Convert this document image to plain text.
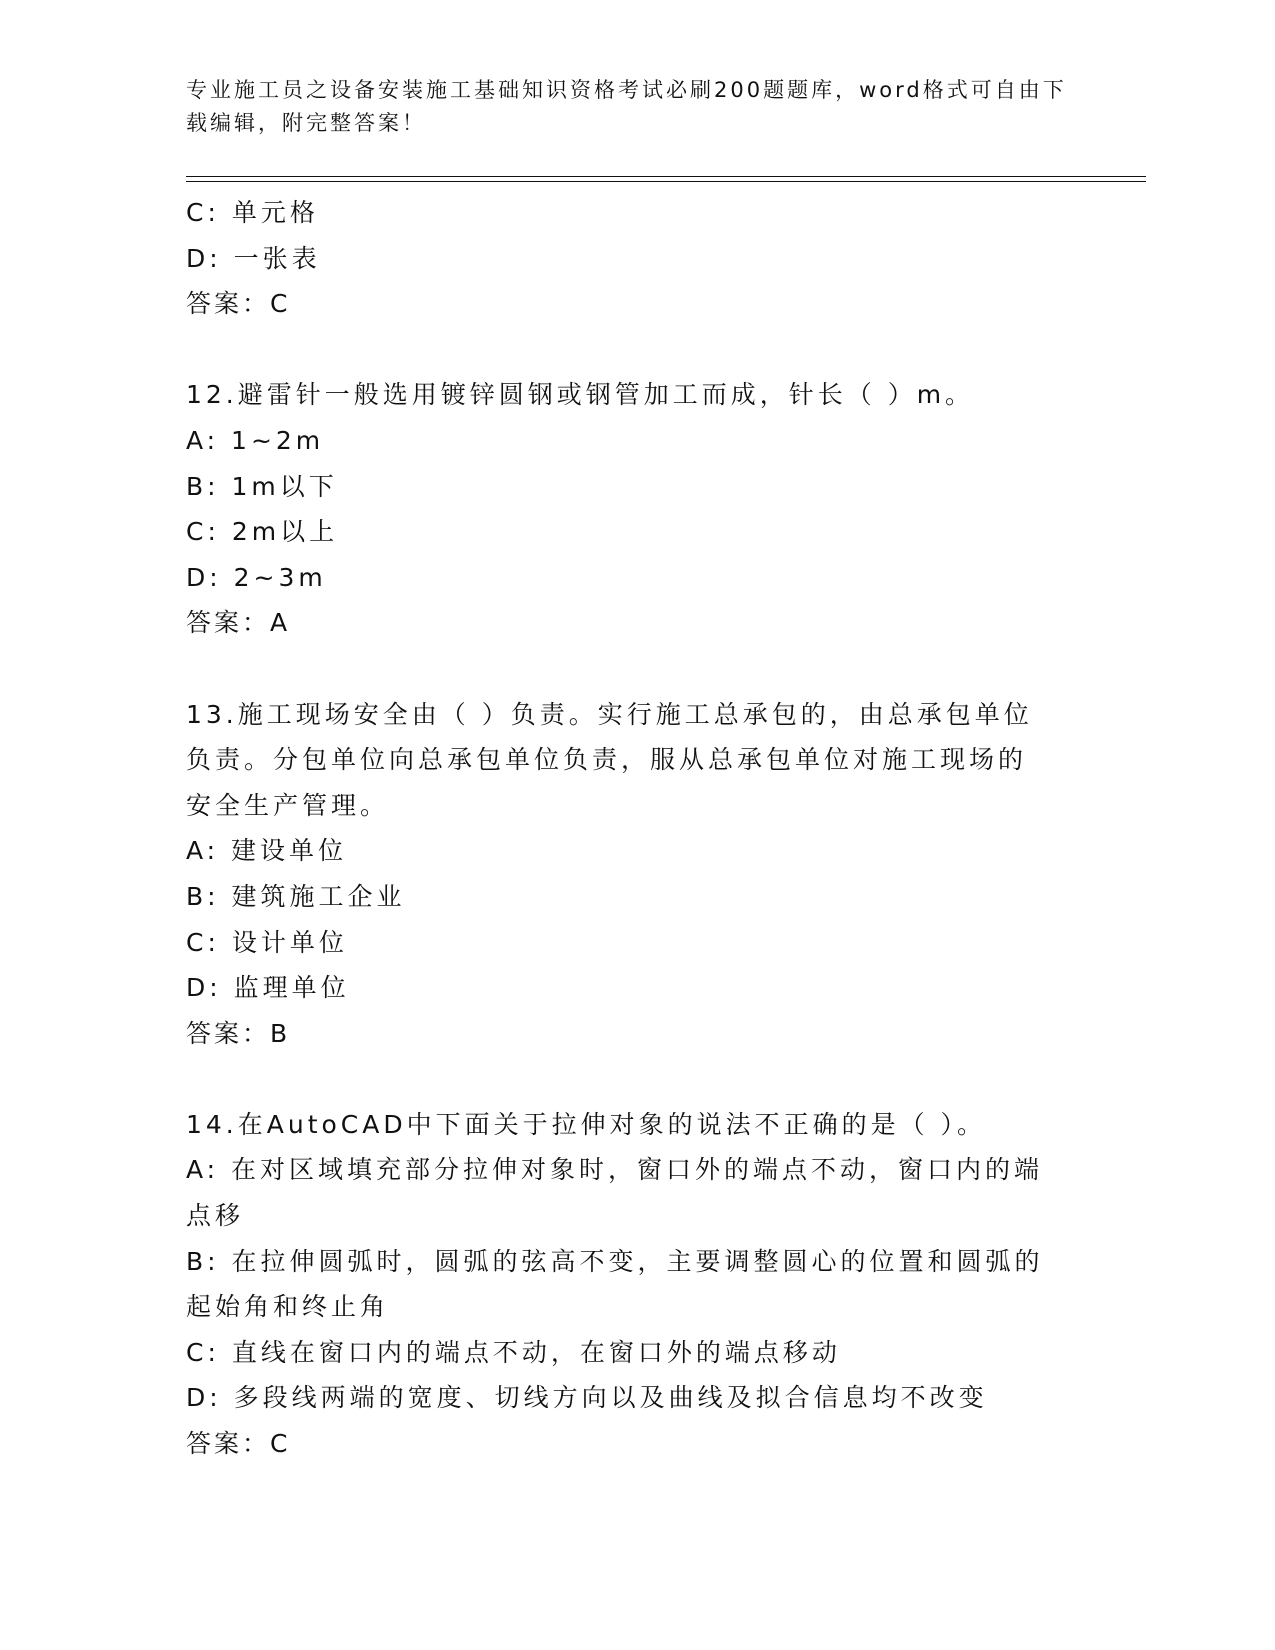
专业施工员之设备安装施工基础知识资格考试必刷200题题库，word格式可自由下载编辑，附完整答案！
C: 单元格
D: 一张表
答案：C
12.避雷针一般选用镀锌圆钢或钢管加工而成，针长（ ）m。
A: 1~2m
B: 1m以下
C: 2m以上
D: 2~3m
答案：A
13.施工现场安全由（ ）负责。实行施工总承包的，由总承包单位负责。分包单位向总承包单位负责，服从总承包单位对施工现场的安全生产管理。
A: 建设单位
B: 建筑施工企业
C: 设计单位
D: 监理单位
答案：B
14.在AutoCAD中下面关于拉伸对象的说法不正确的是（ ）。
A: 在对区域填充部分拉伸对象时，窗口外的端点不动，窗口内的端点移
B: 在拉伸圆弧时，圆弧的弦高不变，主要调整圆心的位置和圆弧的起始角和终止角
C: 直线在窗口内的端点不动，在窗口外的端点移动
D: 多段线两端的宽度、切线方向以及曲线及拟合信息均不改变
答案：C
